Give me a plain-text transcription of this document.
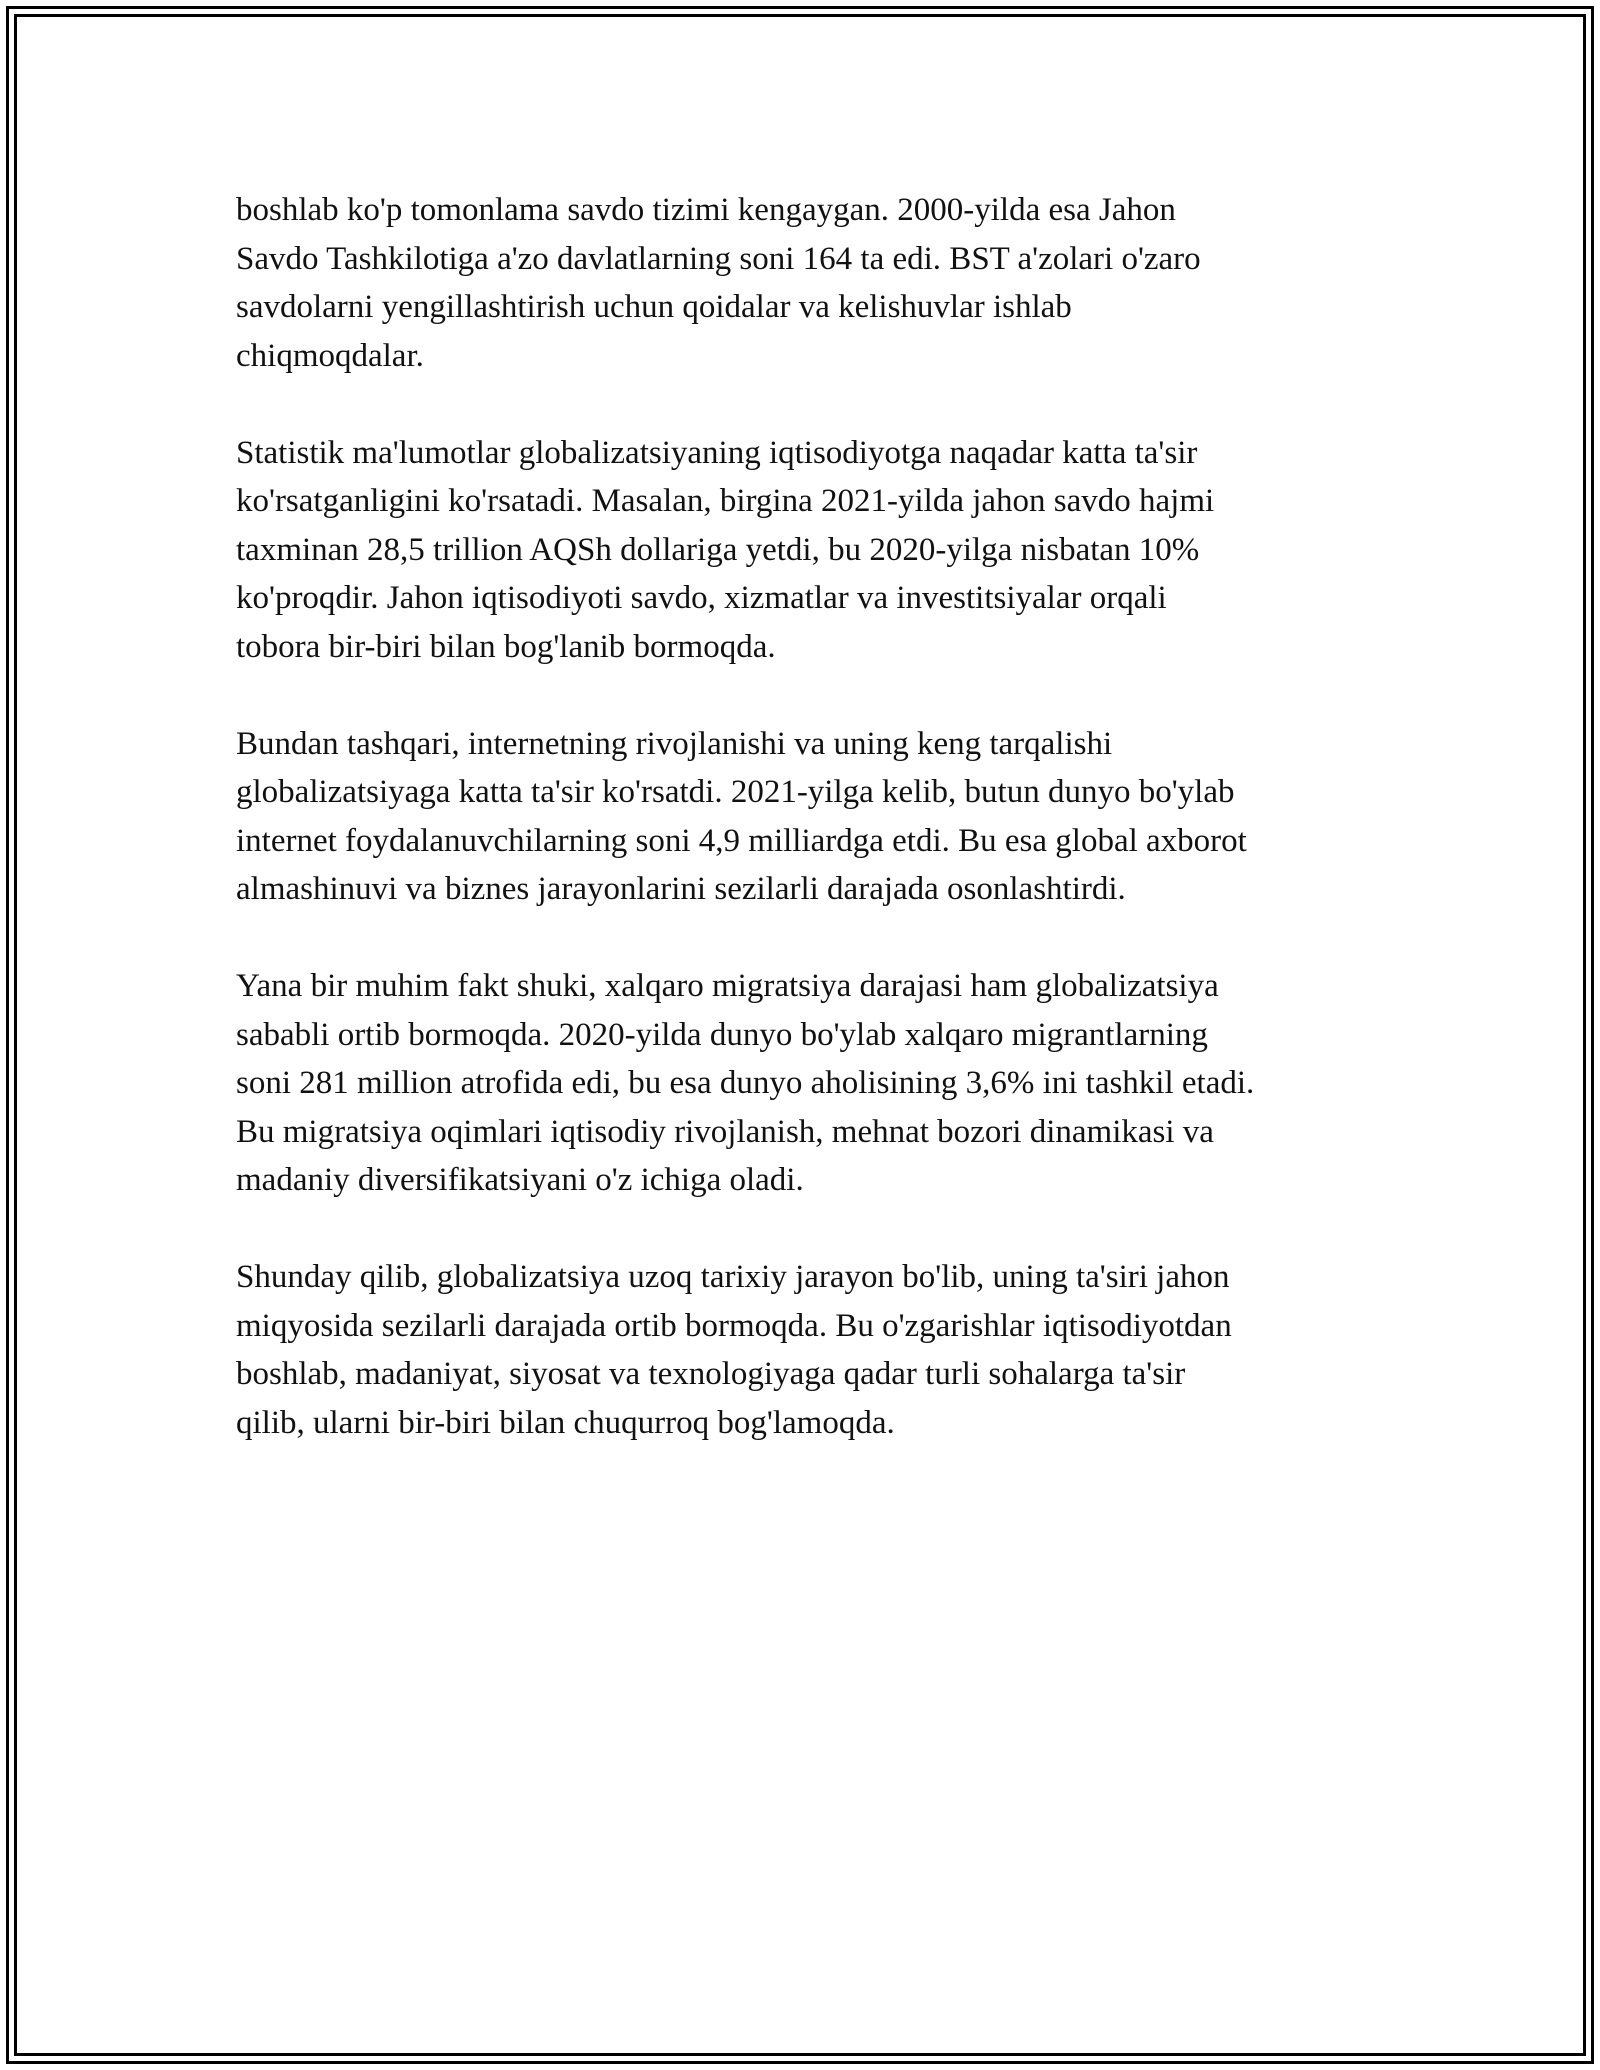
boshlab ko'p tomonlama savdo tizimi kengaygan. 2000-yilda esa Jahon
Savdo Tashkilotiga a'zo davlatlarning soni 164 ta edi. BST a'zolari o'zaro
savdolarni yengillashtirish uchun qoidalar va kelishuvlar ishlab
chiqmoqdalar.

Statistik ma'lumotlar globalizatsiyaning iqtisodiyotga naqadar katta ta'sir
ko'rsatganligini ko'rsatadi. Masalan, birgina 2021-yilda jahon savdo hajmi
taxminan 28,5 trillion AQSh dollariga yetdi, bu 2020-yilga nisbatan 10%
ko'proqdir. Jahon iqtisodiyoti savdo, xizmatlar va investitsiyalar orqali
tobora bir-biri bilan bog'lanib bormoqda.

Bundan tashqari, internetning rivojlanishi va uning keng tarqalishi
globalizatsiyaga katta ta'sir ko'rsatdi. 2021-yilga kelib, butun dunyo bo'ylab
internet foydalanuvchilarning soni 4,9 milliardga etdi. Bu esa global axborot
almashinuvi va biznes jarayonlarini sezilarli darajada osonlashtirdi.

Yana bir muhim fakt shuki, xalqaro migratsiya darajasi ham globalizatsiya
sababli ortib bormoqda. 2020-yilda dunyo bo'ylab xalqaro migrantlarning
soni 281 million atrofida edi, bu esa dunyo aholisining 3,6% ini tashkil etadi.
Bu migratsiya oqimlari iqtisodiy rivojlanish, mehnat bozori dinamikasi va
madaniy diversifikatsiyani o'z ichiga oladi.

Shunday qilib, globalizatsiya uzoq tarixiy jarayon bo'lib, uning ta'siri jahon
miqyosida sezilarli darajada ortib bormoqda. Bu o'zgarishlar iqtisodiyotdan
boshlab, madaniyat, siyosat va texnologiyaga qadar turli sohalarga ta'sir
qilib, ularni bir-biri bilan chuqurroq bog'lamoqda.
